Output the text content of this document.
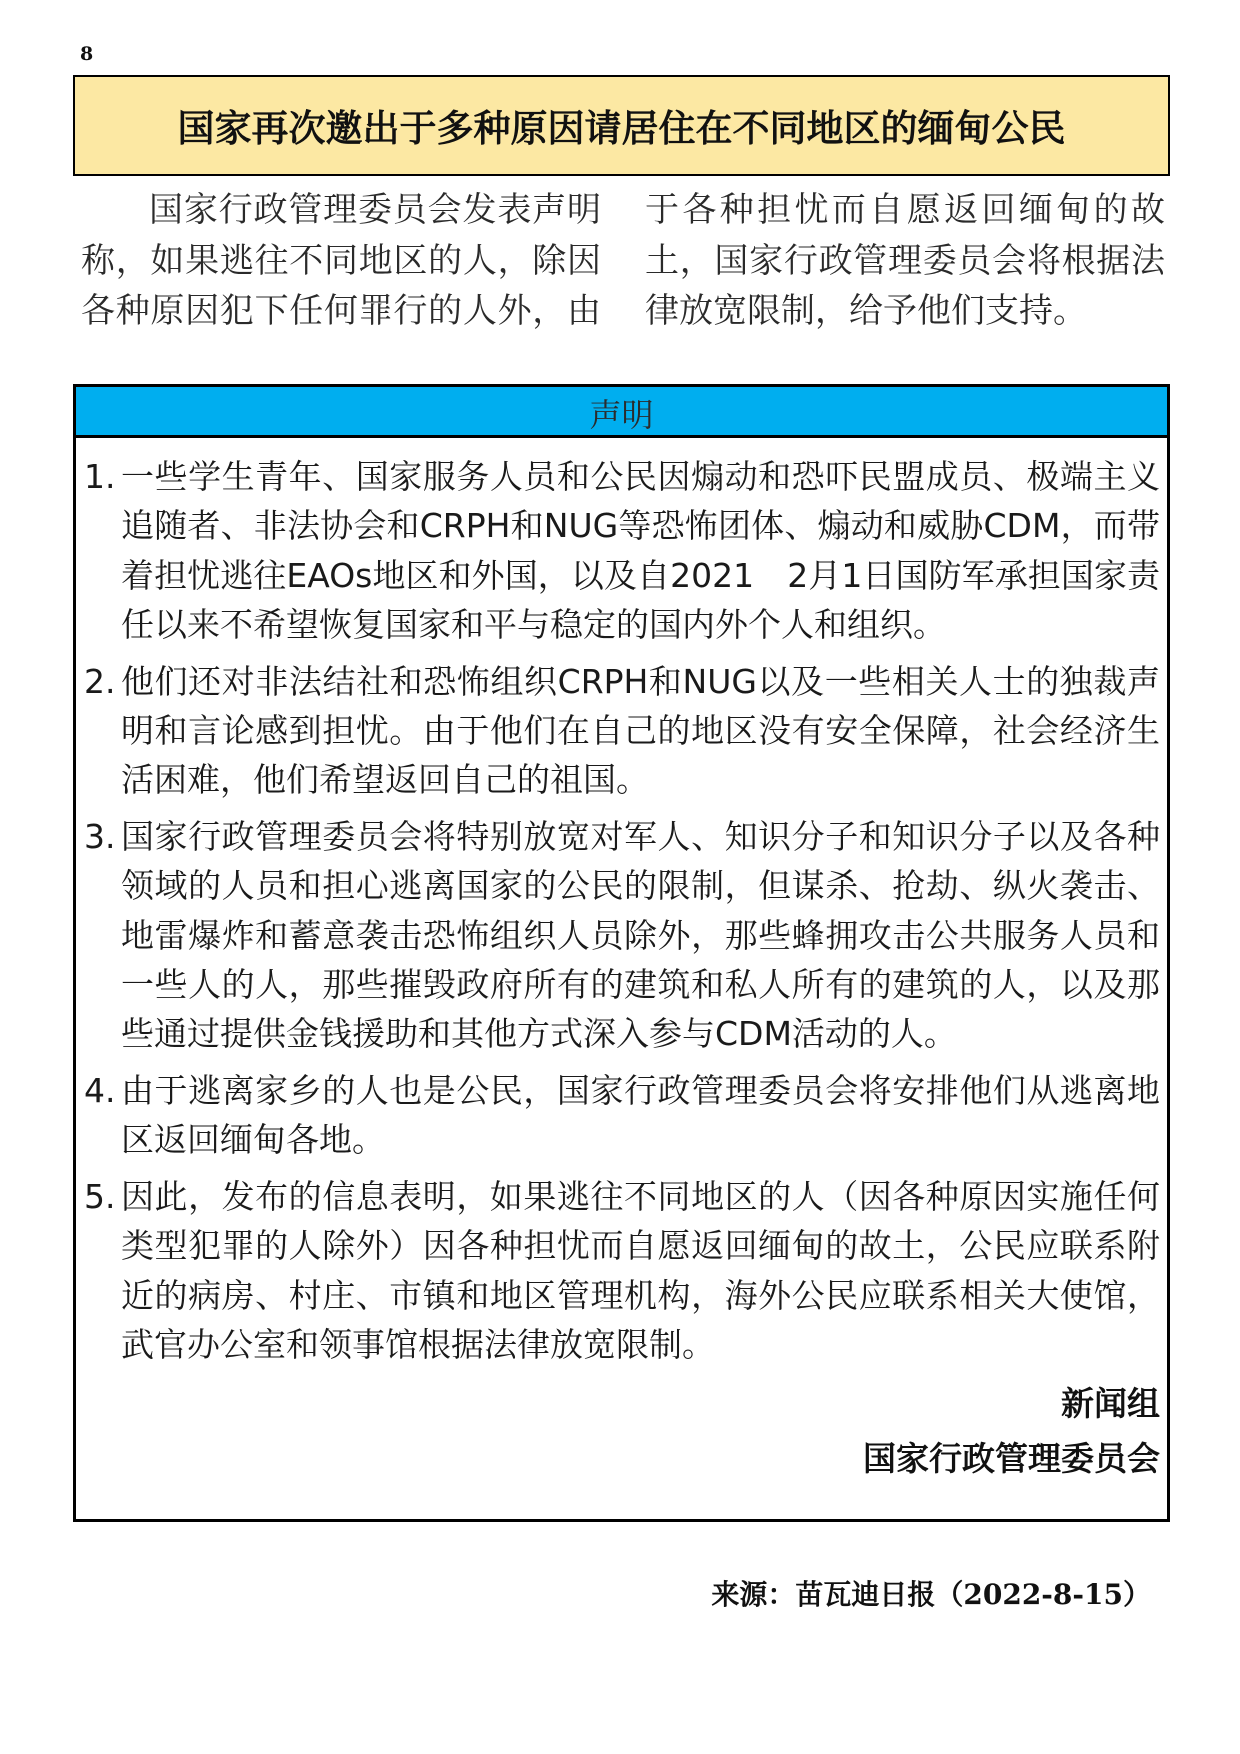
8
国家再次邀出于多种原因请居住在不同地区的缅甸公民

国家行政管理委员会发表声明称，如果逃往不同地区的人，除因各种原因犯下任何罪行的人外，由于各种担忧而自愿返回缅甸的故土，国家行政管理委员会将根据法律放宽限制，给予他们支持。

声明
1. 一些学生青年、国家服务人员和公民因煽动和恐吓民盟成员、极端主义追随者、非法协会和CRPH和NUG等恐怖团体、煽动和威胁CDM，而带着担忧逃往EAOs地区和外国，以及自2021　2月1日国防军承担国家责任以来不希望恢复国家和平与稳定的国内外个人和组织。
2. 他们还对非法结社和恐怖组织CRPH和NUG以及一些相关人士的独裁声明和言论感到担忧。由于他们在自己的地区没有安全保障，社会经济生活困难，他们希望返回自己的祖国。
3. 国家行政管理委员会将特别放宽对军人、知识分子和知识分子以及各种领域的人员和担心逃离国家的公民的限制，但谋杀、抢劫、纵火袭击、地雷爆炸和蓄意袭击恐怖组织人员除外，那些蜂拥攻击公共服务人员和一些人的人，那些摧毁政府所有的建筑和私人所有的建筑的人，以及那些通过提供金钱援助和其他方式深入参与CDM活动的人。
4. 由于逃离家乡的人也是公民，国家行政管理委员会将安排他们从逃离地区返回缅甸各地。
5. 因此，发布的信息表明，如果逃往不同地区的人（因各种原因实施任何类型犯罪的人除外）因各种担忧而自愿返回缅甸的故土，公民应联系附近的病房、村庄、市镇和地区管理机构，海外公民应联系相关大使馆，武官办公室和领事馆根据法律放宽限制。
新闻组
国家行政管理委员会
来源：苗瓦迪日报（2022-8-15）
